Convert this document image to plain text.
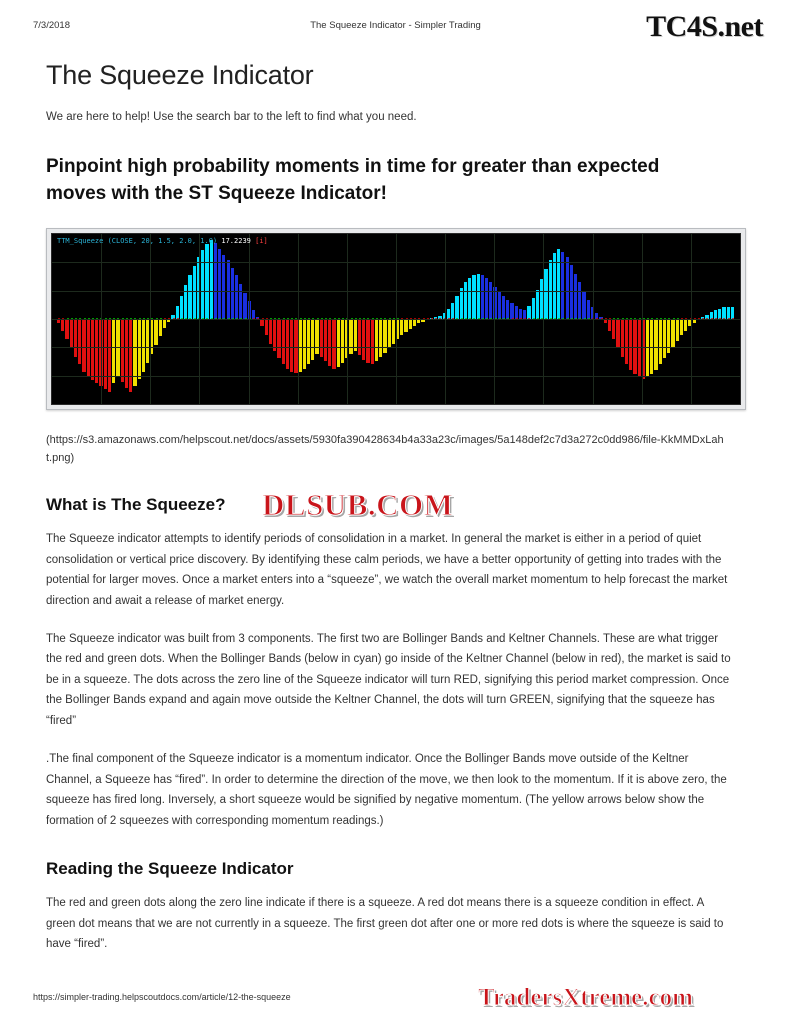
7/3/2018	The Squeeze Indicator - Simpler Trading	TC4S.net
The Squeeze Indicator

We are here to help! Use the search bar to the left to find what you need.

Pinpoint high probability moments in time for greater than expected moves with the ST Squeeze Indicator!
TTM_Squeeze (CLOSE, 20, 1.5, 2.0, 1.0) 17.2239 [i]

(https://s3.amazonaws.com/helpscout.net/docs/assets/5930fa390428634b4a33a23c/images/5a148def2c7d3a272c0dd986/file-KkMMDxLaht.png)

What is The Squeeze?

The Squeeze indicator attempts to identify periods of consolidation in a market. In general the market is either in a period of quiet consolidation or vertical price discovery. By identifying these calm periods, we have a better opportunity of getting into trades with the potential for larger moves. Once a market enters into a “squeeze”, we watch the overall market momentum to help forecast the market direction and await a release of market energy.

The Squeeze indicator was built from 3 components. The first two are Bollinger Bands and Keltner Channels. These are what trigger the red and green dots. When the Bollinger Bands (below in cyan) go inside of the Keltner Channel (below in red), the market is said to be in a squeeze. The dots across the zero line of the Squeeze indicator will turn RED, signifying this period market compression. Once the Bollinger Bands expand and again move outside the Keltner Channel, the dots will turn GREEN, signifying that the squeeze has “fired”

.The final component of the Squeeze indicator is a momentum indicator. Once the Bollinger Bands move outside of the Keltner Channel, a Squeeze has “fired”. In order to determine the direction of the move, we then look to the momentum. If it is above zero, the squeeze has fired long. Inversely, a short squeeze would be signified by negative momentum. (The yellow arrows below show the formation of 2 squeezes with corresponding momentum readings.)

Reading the Squeeze Indicator

The red and green dots along the zero line indicate if there is a squeeze. A red dot means there is a squeeze condition in effect. A green dot means that we are not currently in a squeeze. The first green dot after one or more red dots is where the squeeze is said to have “fired”.

DLSUB.COM
TradersXtreme.com
https://simpler-trading.helpscoutdocs.com/article/12-the-squeeze
